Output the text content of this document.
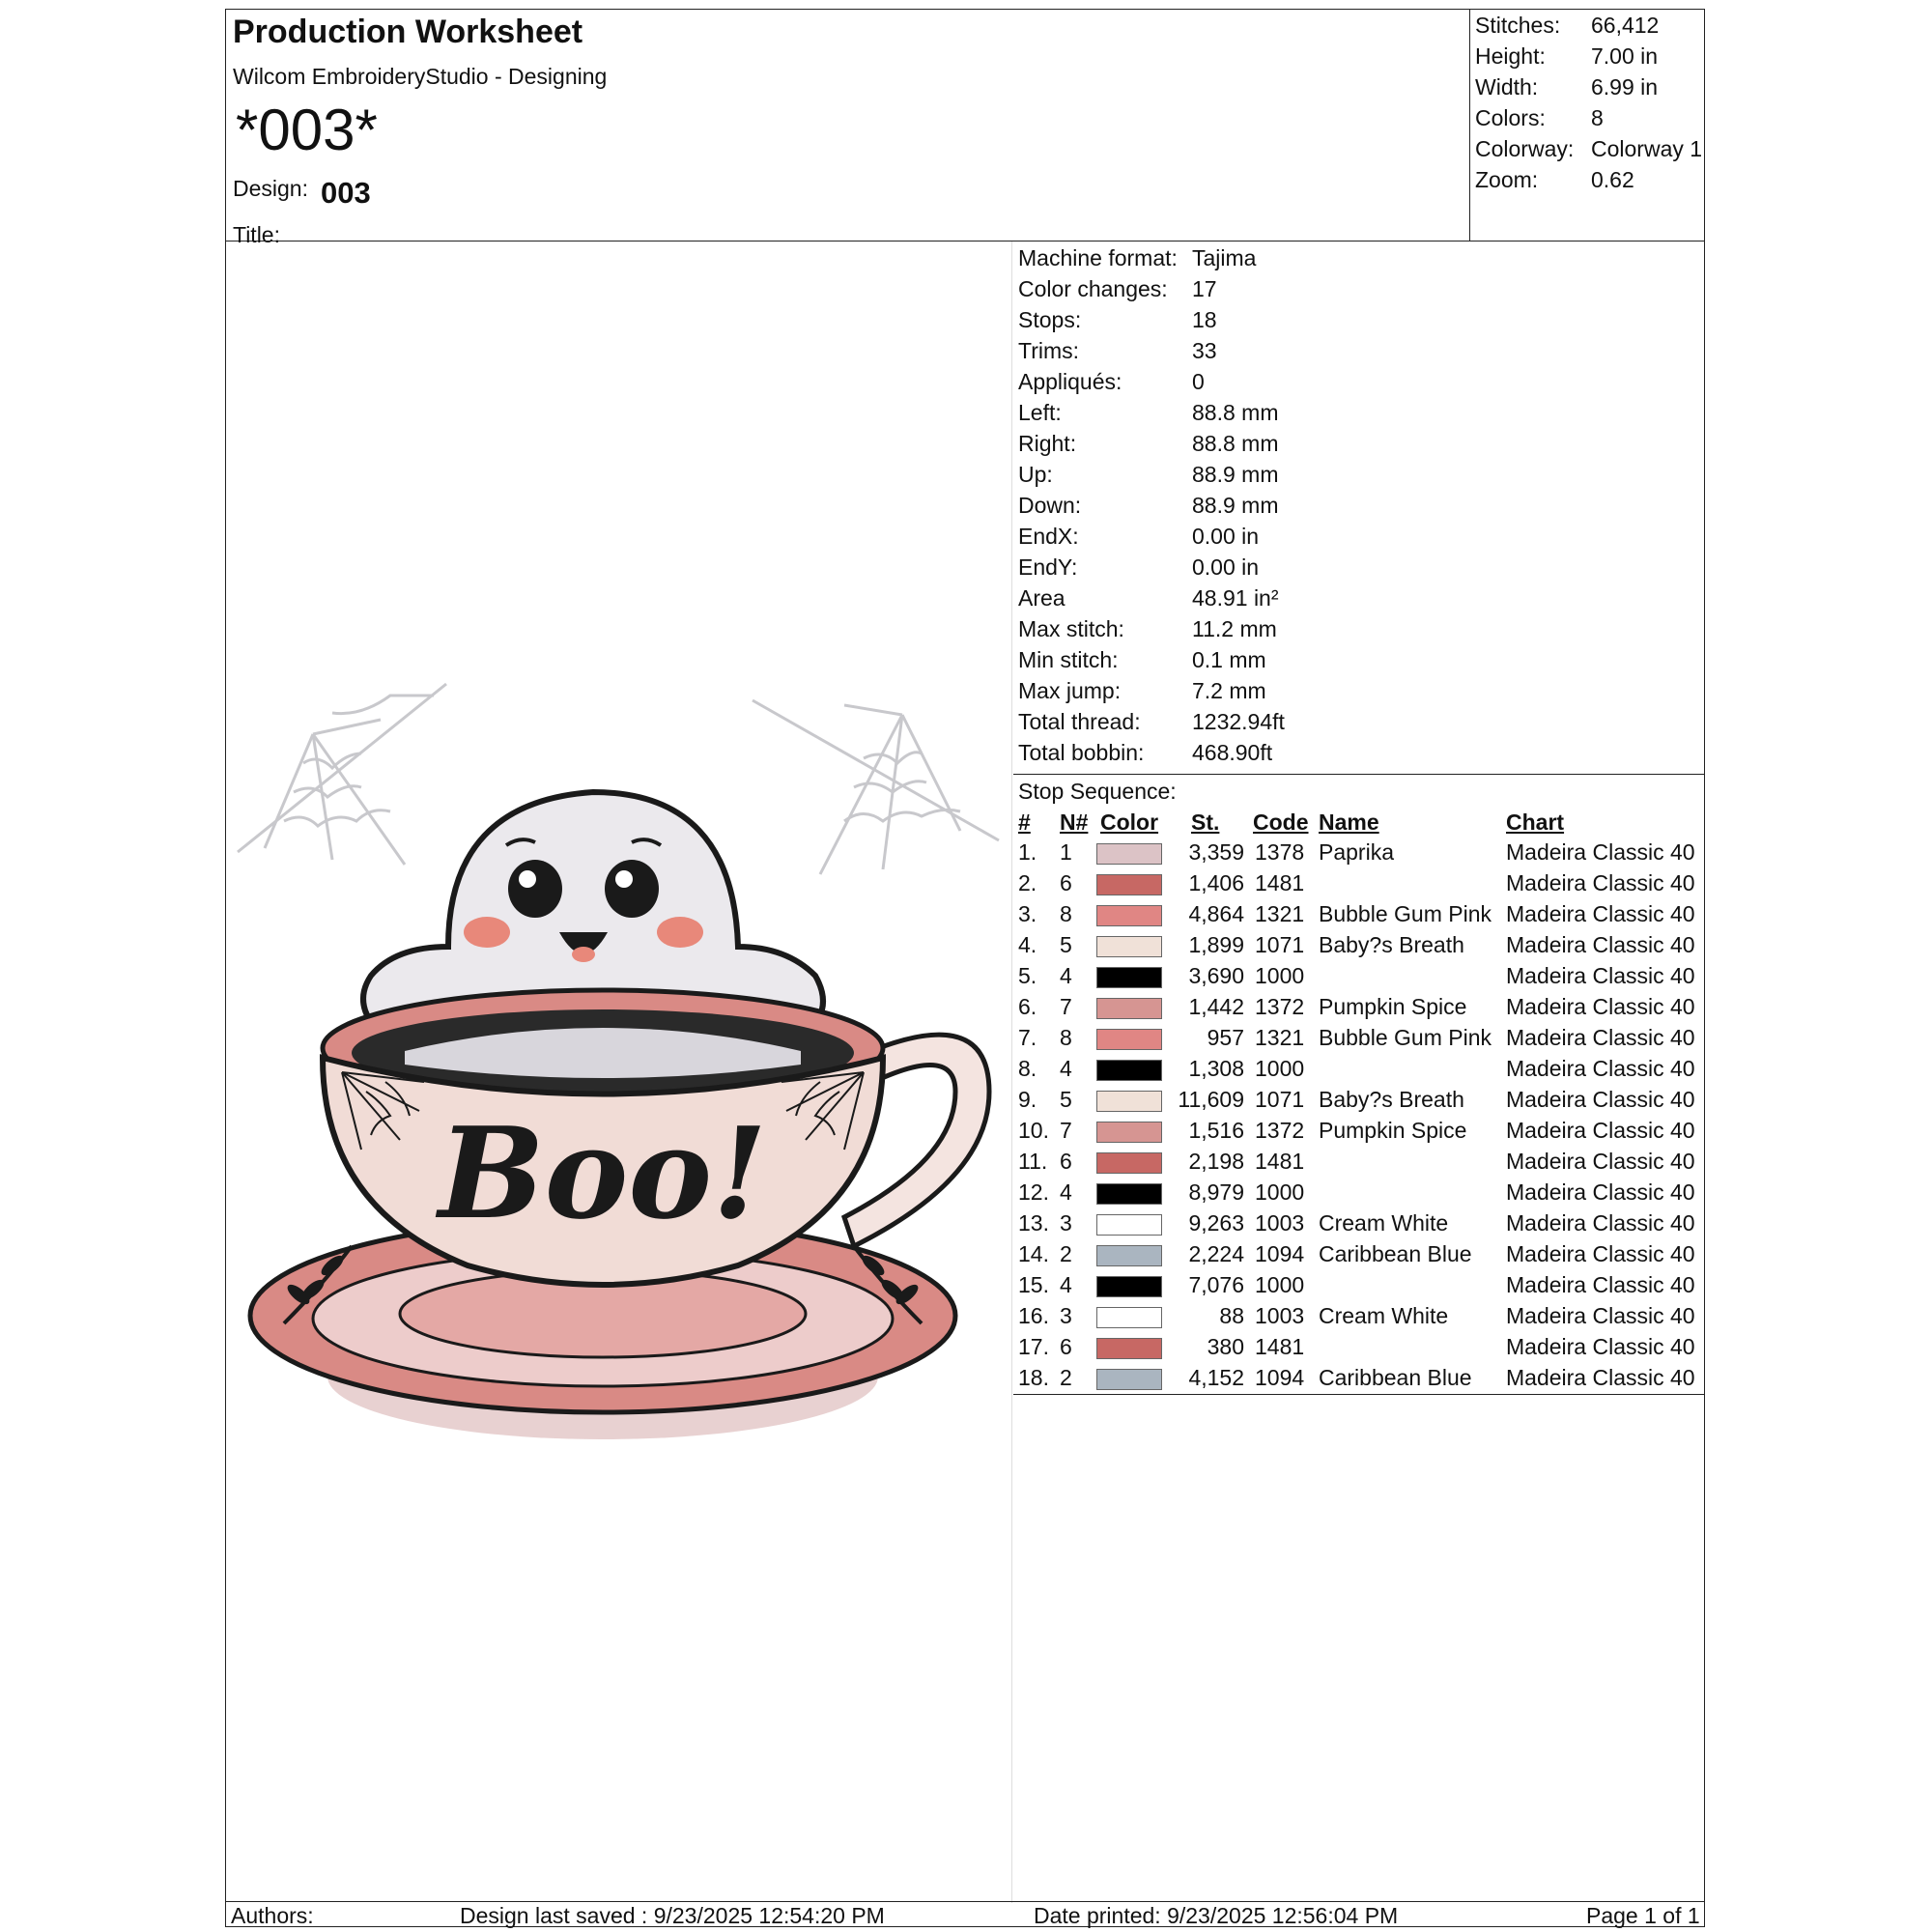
Production Worksheet
Wilcom EmbroideryStudio - Designing
*003*
Design: 003
Title:
Stitches: 66,412
Height: 7.00 in
Width: 6.99 in
Colors: 8
Colorway: Colorway 1
Zoom: 0.62
Boo!
Machine format: Tajima
Color changes: 17
Stops:	18
Trims:	33
Appliqués:	0
Left:	88.8 mm
Right:	88.8 mm
Up:	88.9 mm
Down:	88.9 mm
EndX:	0.00 in
EndY:	0.00 in
Area	48.91 in²
Max stitch:	11.2 mm
Min stitch:	0.1 mm
Max jump:	7.2 mm
Total thread: 1232.94ft
Total bobbin: 468.90ft
Stop Sequence:
# N# Color St. Code Name	Chart
1. 1	3,359 1378 Paprika	Madeira Classic 40
2. 6	1,406 1481	Madeira Classic 40
3. 8	4,864 1321 Bubble Gum Pink Madeira Classic 40
4. 5	1,899 1071 Baby?s Breath Madeira Classic 40
5. 4	3,690 1000	Madeira Classic 40
6. 7	1,442 1372 Pumpkin Spice Madeira Classic 40
7. 8	957 1321 Bubble Gum Pink Madeira Classic 40
8. 4	1,308 1000	Madeira Classic 40
9. 5	11,609 1071 Baby?s Breath Madeira Classic 40
10. 7	1,516 1372 Pumpkin Spice Madeira Classic 40
11. 6	2,198 1481	Madeira Classic 40
12. 4	8,979 1000	Madeira Classic 40
13. 3	9,263 1003 Cream White	Madeira Classic 40
14. 2	2,224 1094 Caribbean Blue Madeira Classic 40
15. 4	7,076 1000	Madeira Classic 40
16. 3	88 1003 Cream White	Madeira Classic 40
17. 6	380 1481	Madeira Classic 40
18. 2	4,152 1094 Caribbean Blue Madeira Classic 40
Authors:	Design last saved : 9/23/2025 12:54:20 PM	Date printed: 9/23/2025 12:56:04 PM	Page 1 of 1
